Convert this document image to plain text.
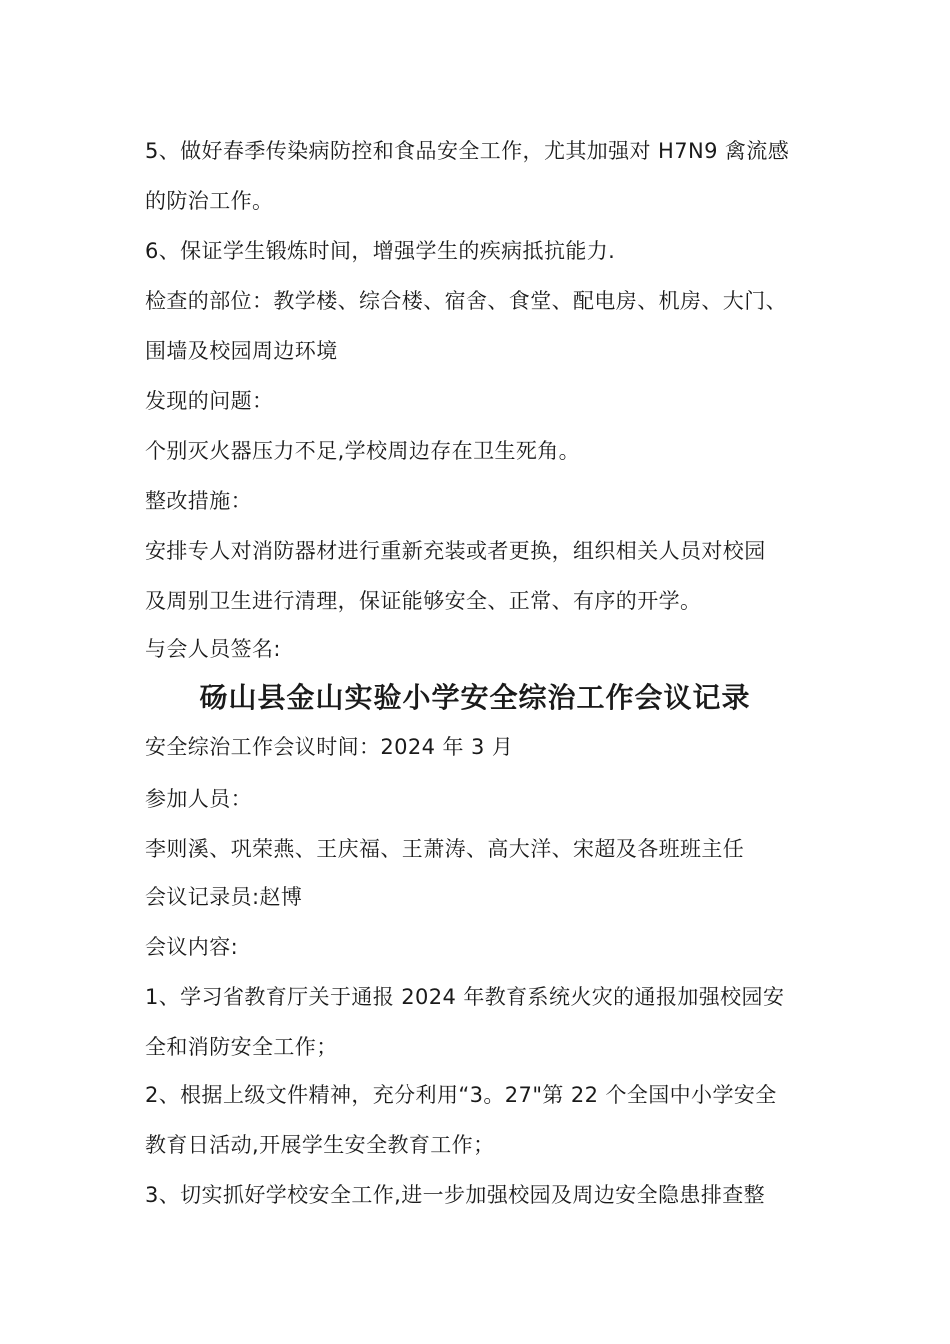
5、做好春季传染病防控和食品安全工作，尤其加强对 H7N9 禽流感
的防治工作。
6、保证学生锻炼时间，增强学生的疾病抵抗能力.
检查的部位：教学楼、综合楼、宿舍、食堂、配电房、机房、大门、
围墙及校园周边环境
发现的问题：
个别灭火器压力不足,学校周边存在卫生死角。
整改措施：
安排专人对消防器材进行重新充装或者更换，组织相关人员对校园
及周别卫生进行清理，保证能够安全、正常、有序的开学。
与会人员签名:
砀山县金山实验小学安全综治工作会议记录
安全综治工作会议时间：2024 年 3 月
参加人员：
李则溪、巩荣燕、王庆福、王萧涛、高大洋、宋超及各班班主任
会议记录员:赵博
会议内容:
1、学习省教育厅关于通报 2024 年教育系统火灾的通报加强校园安
全和消防安全工作；
2、根据上级文件精神，充分利用“3。27"第 22 个全国中小学安全
教育日活动,开展学生安全教育工作；
3、切实抓好学校安全工作,进一步加强校园及周边安全隐患排查整
